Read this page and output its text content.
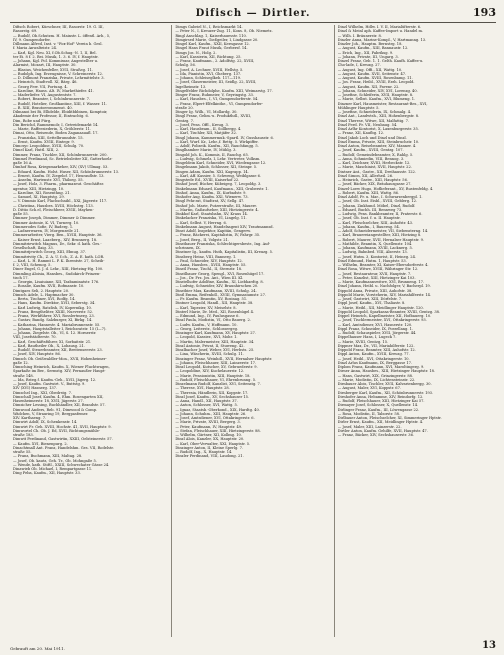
Difisch — Dirtler.	193
Difisch Robert, Kürschner, III, Rasorstr. 19. G. III,
Rasorstg. 69.
— Rudolf, Ob.Schutzm. H. Mainstr. L. öffentl. Arb., 5,
IV, 9. Gumpendorfer.
Dillmann Alfred, Inst. v. "Fox-Hof" Verein b. Gesl.
f. Maria Anwalteistr. 24.
— Karl, Kgl. Neu. XI, f.Ob.Schug.-N. 1, II, Bel.
ter Ei. 8 f. 2. Bei. Musik, 1. 3. 6. IV, f. Hauptstr.
— Johann, Kgl. Pol. Kommissar, Angestellter u.
Alarmist, Mozart, III, Hauptstr. 30.
— Blasius, Weichenfeller, XVII, Straßeg. 11.
— Rudolph, Ing. Erzeugnisse, V. Schreinerstr. 12.
— D. Dillmont Franziska, Private, Lehrmittelstr. 3.
— Heinrich, Stadtvoll. XI, Bärg. 46.
— Georg Ferr. VII, Portung. 4.
— Karoline, Hauss. Alt. IV, Markethiefer. 41.
— Maderliefer. VI, Augustentstr. 7.
— Robert, Beamter, I, Schönbrunnerstr. 7.
— Rudolf, Hotelier, Großkantine, XIII, f. Wasser. 11.
— R. XIII, Brautoerommenst. 40.
Dilmanoi bei Bi, Ellidelde, Ebiditbbbinen, Komptoir,
Akademie der Professor, II, Eintrachtg. 6.
Dim, Robe und Fürg.
Din Berichd, Rammemolr, I, Getreidemarkt 14.
— Marie, Raffeesiederin, X, Gröhlerstr. 11.
Dimai, Otto, Reisende, Boden Zaganaauafl. 17.
— Franziska, XIII, Settelbrunndstr. 15.
— Ernst, Kaufm. XVIII, Eintegr. 9.
Dimcsyc Leopoldine, XVIII, Schulg. 70.
Dimel Karl, Huttl. XIII, 2.
Dimmer, Franz, Tischler, XII, Schönbrunnerstr. 200.
Dimmel Ferdinand, Sc. Betriebsleiter XII, Gatterhoelz-
gaße 16 A.
Dimhof Rosa, Kriegsmarkeher, XIV, (XV) Ullmag. 53.
— Eduard, Kaufm. Holst. Huser, XII, Schönbrunnerstr. 13.
— Ernest, Kaufm. IV, Ziegelof. 17, Heurauflstr. 13.
— Anselm, Hartenstr. XVI, Thiloeg. 55.
— Josef, Holz, 3. Pharm., pharmazeut. Geschäftsr.
agentur, XIII, Hietzingg. 10.
— Karoline, XII, Rosenthng. 21.
— Samuel, XI, Hauptstg. 29.
— V. Dimmio Karl, Flachschnibl., XXI, Jägerstr. 117.
— Christina, Hausbes. XVIII, Höchstrg. 113.
D. Dittio Sch.el, Fleischbeer, XVIII, Mayhen-
gaße 55.
Dimmer Joseph, Dimmer, Dimmer & Dimmer.
Dimmer Antonie, K. VI, Turnerg. 10.
Dimmerodes Sofie, IV, Baderg. 1.
— Ladnerwaren, IV, Morgenzeile 21.
Dimmerarbeiter, Vierg. Ben., XVIII, Hauptstr. 36.
— Kaiser Ernst, Laaeberg., XIV, Brunnerg. 18.
Dimmitriewitch Magnus, Dr., Sekr. d. kath. Ges.-
Gesellschaft, Ilaig. 33.
Dimmitrijewitch Georg, XIII, Ebnug. 37.
Dimmitrivity Ch., Z. A. U. f.ch., Z. A. E. kath. LOR.
— Karl, L. H. Rammt L. P. K. Ihrentstr. 27, Scheib-
f. 2, VIII, Schenog. 5.
Diner Engel, G. J. d. Lehr., XIII, Hietzing-Hg. 100.
Dimmling Aloisia, Hansbes., Sudokirch-Prinzen-
tisch 17.
— Georgin, Lisaiuiane, XII, Tazbaminatstr. 176.
— Rosalie, Kaufm. XVII, Rofmanstr. 10.
Dimtgaes Seli, 2. Hauptstr. 20.
Dimsch Adele, L. Haptmacher 30.
— Berta, Tischner, XVI, Rodfg. 14.
— Hans, Kaufm. Direktor, XVII, Seberstg. 34.
— Karl Ludwig, Ratzlish, IV, Kopernikg. 10.
— Franz, Bengtheliter, XXIII, Nueverstr. 52.
— Franz, Werkführer, XVI, Rosslertmerg. 23.
— Gustav, Bandg. Salzburger, XI, Birkg. 14.
— Katharina, Hannestr. 4. Mariabrunnenstr. 55.
— Johann, Hauptstalleiter I, Reichsratstr. 15 (I—7).
— Johann, Ziegelstr. Ob., VI, S. 12. Hornerstr.
VIII, Josefstädterstr. 70.
— Karl, Geschäftsführer, XI, Sorbaitstr. 21.
— Karl, Bautheiler Ob., X, Lobausg. 21.
— Rudolf, Steuerbeamter, XII, Breitenseerstr. 23.
— Josef, XIV, Hauptstr. 86.
Dimsch Ob. Geißwaldler-Mon., XVII, Hohenheimer-
gaße 12.
Dimsching Heinrich, Kaufm. X, Wiener Fluchtwagen,
Sparkaße im Ber., Sermstg. XIV, Fernaußer Haupt-
straße 148.
— Ida, Rsteg.f. Kaufm.-Geh., XVII, Jägerg. 12.
— Josef, Kaufm. Gastwirt. V., Buttstg. 9.
XIV (XVI) Hasnerg. 137.
Dimschel Ing., XXI, Obedrstg. 7.
Dimschall Josef, Kaufm. 4, Ehm. Rosengarten XII,
Hasenheimerstr. 18, XVII, Jägerstr. 27.
Dimsicher Lessing, Buchhändler, XII, Brandstr. 57.
Dimwood Anders, Reb. 91, Dimwood & Comp.
Wädchen, V, Strauring 19, Bergpasfemer.
XIV. Karthaeng. 7.
Dimwirt Adolf, IX, Schenkenstr. 14.
Dimwirt Fr. Geh. XVIII, Hochstr. 41, XVII, Hauptstr. 9.
Dimwortel Ch. Ob. J. Ed, XVII, Richtungsmühle-
straße 183.
Dimwit Ferdinand, Gastwirtin, XXIII, Oelsteinerstr. 57.
— Kaufm. XVI, Bienenpurg. 2.
Dinachtmall Ant. Franz, Handelshm. Ges. VII, Rodelstr.
straße 55.
— Franz, Buchmann, XIII, Maltag. 28.
— Josef, Ob. kautz, Geh. Tr., Ob. Mohngaße 5.
— Wende, kath. Stiftl., XXIII, Schwechater Gässe 24.
Dinawieb Ob. Michael, I, Rempartgasse 11.
Ding Feba, Kaufm., XII, Hauptstr. 33.
Dimgs Gabriel N., I, Reichsmarkt 14.
— Peter N., I, Kreuzer-Zug. 11, Kons. 8, Ob. Niemetz.
Ringl Anschlag. 1, Kaiserhauesstr. 110.
Dimgirsed Marie, Gießgeiler, I, Lindgasse 20.
Dingel Karl, Kaufm., XXII, Kerngasse 12.
Dingel Hans Fraut Musik, Gerbersf. 14.
Dimgs Jos. N., Holg. 2.
— Karl, Kassierin, XII, Richtung. 25.
— Franz, Kaufmann., 2. Adolfstg. 22, XVIII,
Schulg. 56.
— Josef, A. Lechner, XVIII, Hellstg. 5.
— Ida, Pianistin, XVI, Gheberg. 137.
— Johann, Schleiseglkeb. 117—119.
— Josef, Glasermeister, III, Seidlg. 22, XVIII,
Ingelheimstr. 13.
Dingelfelder Richdolphe, Kaufm. XIII, Weimarstg. 17.
Dinger Franz, Ruhmeier, V, Geyringstg. 33.
— Karl, Hausbes., I, VI, Gumpendorferstr. 54.
— Franz, Elpert-Elfelkinthe., VI, Gumpendorfer-
straße 20.
Dinger Ig. Wilh., VI, Mollardg. 30.
Dingl Franz, Gelim.-u. Produkthdl., XVIII,
Gentzg. 7.
— Josef, Pens. Offl., Kreug. 3.
— Karl, Hausbeam., II, Sollbergg. 4.
— Karl, Tischler, XII, Matjäfer 32.
Dingl Johann, Kammermuk.-Spartl. IV, Gusshausstr. 6.
— Karl, Wurf. Kr., Lehr.,f. Rettg. 5. Wirkpiffer.
— Adolf, Polizeik. Kaufm., XII, Rauchfangg. 5.
Dinglhamber Marie, IV, Mühlg. 3.
Dingold Joh. K., Kommis, II, Rauchg. 65.
— Ludwig, Schmelz, I, Lehr. Vertreter, Volksm.
Dingeldein Karl, Schneider, XVI, Wiedengasse 12.
Dingelmann Jakob, Schlosser, XII, Steinpr. 5.
Dingen Adam, Kaufm. XXI, Kagrapp. 14.
— Karl, Aff. Kassier, 5. Schweng, Weiblgasse 6.
Dingstede Ed., XVIII, Kaiserhof 22.
Dinhof Josef, Bücher, Kübeigeg. 7, Leopoldg. 3.
Dinkelmann Eduard, Kaufmann., XIII, Gruberstr. 1.
Dinhof, Anna, Kaufm., IX, Kurbadstr. 9.
Dinhofer Aug. Kaufm. XXI, Wienerw. 73.
Dingl Fehr.rat, Stadtrat, XV, Sellg. 47.
Dinhof Joh. Marie, Putzerstraße, III, Mauerr.
— Martin, Gaßaufseher, XIII, Hietzingerstr. 4.
Dinkhof Karl, Staatsbahn, XV, Kraus 14.
Dinkelacker Franziska, VI, Lingelg. 11.
— Karl, Selbst. V, Herrng. 6.
Dinkelmann August, Handelsagent XIV, Trautmannsd.
Dinst Adolf, Inspektor, Kapitän, Gengerw.
— Franz, Bäckerei, Kapitalistin, IV, Fahrgr. 35.
— Josef, Berg., II, Volgstr. 21.
Dinstbauer Franziska, Schlechtigersbestr., Ing. Auf-
schrinnen, IX.
Dinstner Ig., kaufm. Huth, Kapitalistin, III, Kreuzg. 5.
Dinsberg Heinz, VIII, Bannerg. 1.
— Paul, Schneider, XIV, Hauptstr. 12.
— Anna, Hausbes., XVIII, Hauptstr. 55.
Dinstl Franz, Tischl., II, Sternstr. 18.
Dinstlbauer Georg, Spengl., XVI, Rosenhügel 17.
— Jos., Dr. Frz. Jos. Ant., Wien III. Kl.
Dinstelhofer Adolfine, Kaufm., XI, Liebhardtg. 8.
— Ludwig, Schneider, XIV, Braunhirschen 20.
Dinstbier Max, Kaufmann, XVIII, Schulg. 24.
Dintl Emma, Reifenhdl., XVIII, Gymnasiumstr. 27.
— Fr. Kaufm. Beamtin, XV, Rosinag. 51.
Dintner Leopold, Handl., XII, Hauptstr. 38.
— Karl, Tapezier, XV, Meiselstr. 8.
Dinterl Marie, Dr. Med., XII, Rosenhügel 4.
— Edmund, Ing., IV, Paulusgasse 6.
Dinzl Paula, Modistin, VI, Otto Bauerg. 2.
— Ludw. Kaufm., V, Hoffmann. 10.
— Georg, Leiterstr., Schlossergeg.
Dinzinger Karl, Kaufmann, XV, Hauptstr. 27.
— Leopold, Kassier., XVI, Mohr. 1.
— Martin, Malermeister, XIII, Hauptstr. 34.
Dinzl Antonie, Privat, II, Stuweng. 42.
Dinzlbacher Josef, Weber, XVI, Herbsts. 25.
— Lina, Wäscherin, XVIII, Schulg. 11.
Dinzinger Franz, Weinhdl., XVII, Hernalser Hauptstr.
— Johann, Fleischhauer, XIII, Lainzerstr. 17.
Dinzl Leopold, Kutscher, XV, Gebruederstr. 9.
— Leopoldine, XIV, Kuchelauerstr. 12.
— Marie, Pensionistin, XIII, Hauptstr. 18.
— Rudolf, Fleischhauer, VI, Ehrenbrunng. 5.
Dinzelmann Rudolf, Kanzlist, XVI, Seitenstg. 7.
— Therese, XVI, Hauptstr. 28.
— Theresia, Händlerin, XII, Koppstr. 17.
Dinzl Josef, Kaufm., XV, Sechshauser 15.
— Anna, Handl., XII, Hauptstr. 37.
— Anton, Schlosser, XVI, Wattg. 5.
— Ignaz, Staatsb.-Oberkond., XIX, Hardtg. 40.
— Johann, Schuhm., XIII, Hauptstr. 26.
— Josef, Amtsdiener, XVI, Ottakringerstr. 6.
— Marie, Private, XVIII, Bergerg. 3.
— Peter, Kaufmann, IV, Hauptstr. 49.
— Stefan, Fleischhauer, XIII, Hietzingerstr. 88.
— Wilhelm, Gärtner, XII, Kollmg. 10.
Dinzl Alois, Kanzler, XX, Hauptstr. 20.
— Karl, Ober-Verwalter, XXI, Hauptstr. 5.
Dinzinger Anton, II, Kleine Sperlg. 7.
— Rudolf, Ing., X, Hauptstr. 14.
Dinzler Ferdinand, VIII, Laudong. 21.
Dinzl Wilhelm, Hdlw. I. V. II, Marialüfterstr. 6.
Dinzl & Meinl aph. Kaffee-Import u. Handel m.
— Wilh. I. Bräunerstr. 8.
Dinzler Anna, Marine-Kompl., V, Hartmanng. 13.
Dinzler Joh., Hauptm. Bernstrg. 18.
— August, Kaufm., XIII, Bannaustr. 12.
— Erich, Ing., XII, Fabriksg. 9.
— Johann, Private, III, Ungarg. 3.
Dinzel Franz, Geb. 1. 1. Gelth. Kaufh. Kaffee-u.
Cho-lade, I, Kreuzg. 27.
— August, Ing. Offi., XII, Wattg. 10.
— August, Kaufm. XVII, Seitenstr. 47.
— August, Kaufm. XVIII, Rosenbamg. 11.
— Jos. Franz, Heibl., XVIII, Erzh. Leopold.
— August, Kaufm. XII, Favenr. 22.
— Johann, Schneider, XIV, XVI, Lorenzg. 40.
— Josefine, Schleiferin, XVII, Hauptstr. 8.
— Marie, Selbst. Kaufm., XVI, Blumeng. 1.
Dinzner Karl, Hausmeister, Restaurant-Bes., XVI,
Mühlinger Hauptstr. 5.
— Josefine, Schneiderin, IX, Schmalg. 4.
Dinzl Ant., Landwtsh., XIII, Hohenbergstr. 8.
Dinzl Therese, Witwe, XII, Malfattig. 7.
Dinzl Ferd. Fr. VII, Neubaug. 54.
Dinzl Arlhr Kontorist, X, Laxenburgerstr. 35.
— Franz, XII, Kaufbg. 12.
Dinzl Jakob Loch und Dinzl und Dinzl.
Dinzl Emma, Private, XIII, Steinbruchstr. 10.
Dinzl Anton, Reisebeamter, XIV, Manner. 4.
— Josef, Kaufm., XVIII, Gentzg. 107.
— Rudolf, Gemeindebeamter, X, Rahlg. 5.
— Anna, Schmiedin, VIII, Bennog. 3.
— Karl, Zeichner, XVIII, Herbeckstr. 12.
— Marie, Maschinist, XVII, Hauptstr. 22.
Dintner Ant., Gastw., XII, Dreihausstr. 122.
Dinzl Simon, XII, Allerheil. 26.
— Heinrich, Gastw., XIII, Hauptstr. 56.
— Josef, Bäcker, XIX, Bräuhausgasse 27.
Dinzel-Loew Hugo, Hoflieferant., XV, Rustenfeldg. 4.
— Robert, Kaufm. XIII, Wattg. 86.
Dinzl Adolf, Fr. u. Mar., I. Schwarzenbergpl. 1.
— Josef, Ob. Inst. Eisbl., XVIII, Geblerg. 12.
— Johann, Zinkhund. Möbel, Dinzl, Rudolf.
— Eduard, Buchh. III, Rennweg 73.
— Ludwig, Pens. Bankbeamter, II, Praterstr. 6.
— Josef, Ob. Inst. f. u. II. Hauptstr.
— Karl, Fleischselcher, XIII, Auhofstr. 43.
— Johann, Kaufm., I, Bauerng. 54.
— Adolf, Schneidermeister, VII, Siebensterng. 14.
— Karl, Brauereiangestellter, XIII, Hietzing 8.
— Robert, Maurer, XVII, Hernalser Hauptstr. 9.
— Mathilde, Beamtin, X, Quellenstr. 104.
— Johann, Kaufmann, XVIII, Lacknerg. 5.
— Ludwig, Bahnbed. VIII, Alserstr. 13.
— Josef, Hutm. 3, Kontorist, II, Heineg. 24.
Dinzl Edmund, Hutm. 1, Hauptstr. 53.
— Wilhelm, Beamter, XI, Kaiser-Ebersdorferstr. 4.
Dinzl Rosa, Witwe, XVIII, Währinger Str. 12.
— Josef, Restaurateur, XVII, Hauptstr. 7.
— Peter, Kanzlist, XIII, Hietzinger Kai 103.
— Marie, Kaufmannswitwe, XVI, Brunneng. 17.
Dinzl Johann, Heibl. u. Nachfolger, V, Bacherpl. 19.
Dippold Anna, Private, XIII, Auhofstr. 38.
Dippold Marie, Vorsteherin, XIV, Mariahilferstr. 14.
— Josef, Gastwirt, XIII, Dörfelstr. 7.
Dippl Josef, Kaufm., XVI, Thaliastr. 8.
— Marie, Heibl., XII, Meidlinger Hauptstr. 120.
Dippold Leopold, Sparkassa-Beamter, XVIII, Gentzg. 38.
Dippel Heinrich, Kapellmeister, XII, Hofbauerg. 10.
— Josef, Tischlermeister, XVI, Ottakringerstr. 93.
— Karl, Amtsdiener, XVI, Hasnerstr. 120.
Dippl Franz, Schneider, IX, Porzellang. 1.
— Rudolf, Schauspieler, XVII, Jörgerstr. 44.
Dippelhauser Hans, I, Lugeck 7.
— Marie, XVIII, Gentzg. 15.
Dippner Max, Dr., VII, Mariahilferstr. 122.
Dippold Franz, Beamter, XIII, Auhofstr. 12.
Dippl Anton, Kaufm., XVIII, Kreuzg. 77.
— Josef, Heibl., XVI, Ottakringerstr. 10.
Dinzl Arlus Kaufmann, IX, Berggasse 17.
Diplom Franz, Kaufmann, XVI, Maroltingerg. 9.
Dirner Anna, Hausbes., XIII, Hietzinger Hauptstr. 18.
— Hans, Gastwirt, XIX, Grinzingerstr. 88.
— Marie, Modistin, IX, Lichtensteinstr. 22.
Dirnbauer Alois, Tischler, XVII, Kalvarienbergg. 30.
— August, Maler, XVI, Koppstr. 67.
Dirnberger Karl, Kaufm., XII, Schönbrunnerstr. 193.
Dirnhofer Anna, Hebamme, XIV, Reindorfg. 12.
— Rudolf, Fleischhauer, XIII, Hietzinger Kai 57.
Dirmayer Josef, Schlosser, X, Quellenstr. 14.
Dirlinger Franz, Kaufm., III, Löwengasse 22.
— Rosa, Modistin, II, Taborstr. 58.
Dirlbauer Anton, Fleischselcher, XI, Simmeringer Hptstr.
Dirler Ernst, Kaufm., XII, Meidlinger Hptstr. 4.
— Josef, Maler, XIII, Lainzerstr. 22.
Dirtler Anton, Kaufm. Gehilfe, XVII, Hauptstr. 47.
— Franz, Bäcker, XIV, Sechshauserstr. 36.
Gebrauft am 20. Mai 1911.	13
